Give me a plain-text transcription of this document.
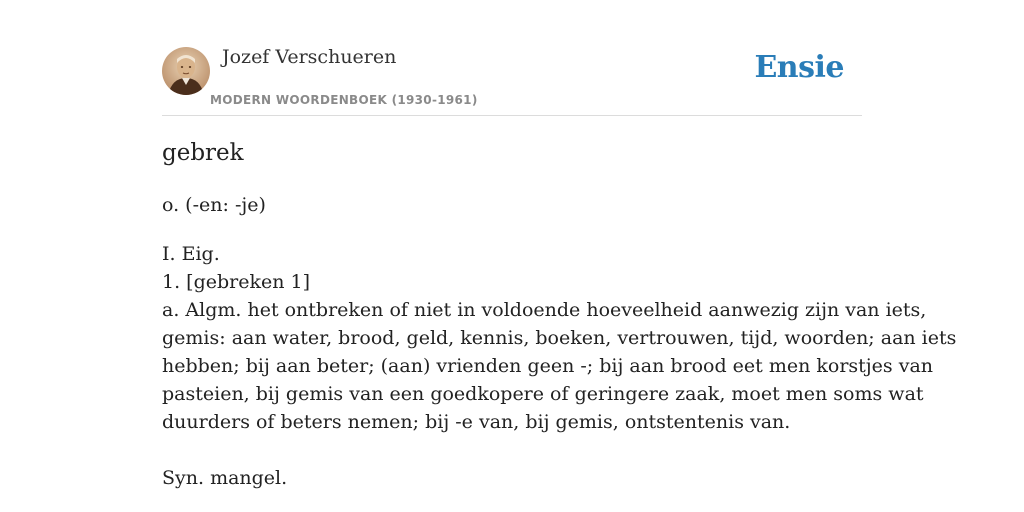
Jozef Verschueren
MODERN WOORDENBOEK (1930-1961)
Ensie
gebrek
o. (-en: -je)
I. Eig.
1. [gebreken 1]
a. Algm. het ontbreken of niet in voldoende hoeveelheid aanwezig zijn van iets,
gemis: aan water, brood, geld, kennis, boeken, vertrouwen, tijd, woorden; aan iets
hebben; bij aan beter; (aan) vrienden geen -; bij aan brood eet men korstjes van
pasteien, bij gemis van een goedkopere of geringere zaak, moet men soms wat
duurders of beters nemen; bij -e van, bij gemis, ontstentenis van.
Syn. mangel.
